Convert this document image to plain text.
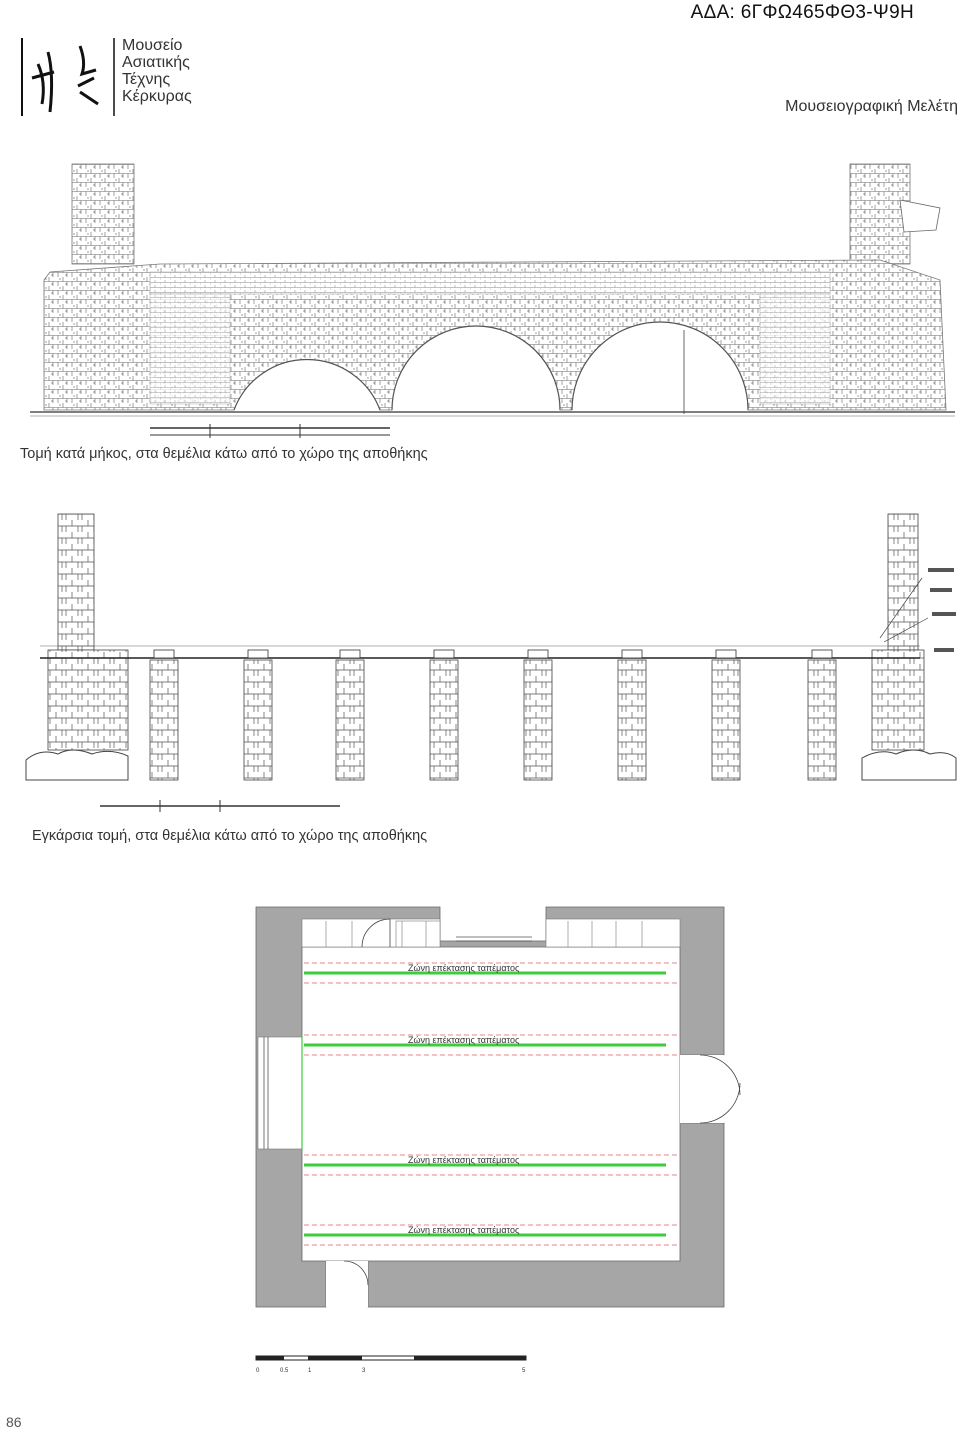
Μουσείο
Ασιατικής
Τέχνης
Κέρκυρας
ΑΔΑ: 6ΓΦΩ465ΦΘ3-Ψ9Η
Μουσειογραφική Μελέτη
Τομή κατά μήκος, στα θεμέλια κάτω από το χώρο της αποθήκης
Εγκάρσια τομή, στα θεμέλια κάτω από το χώρο της αποθήκης
Ζώνη επέκτασης ταπέματος
Ζώνη επέκτασης ταπέματος
Ζώνη επέκτασης ταπέματος
Ζώνη επέκτασης ταπέματος
0	0.5	1	3	5
86
